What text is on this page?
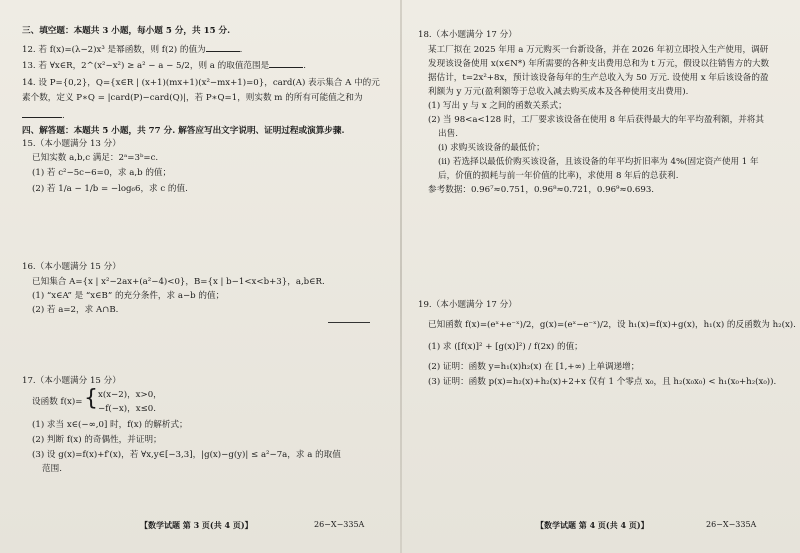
三、填空题：本题共 3 小题，每小题 5 分，共 15 分.
12. 若 f(x)=(λ−2)x³ 是幂函数，则 f(2) 的值为	.
13. 若 ∀x∈R，2^(x²−x²) ≥ a² − a − 5/2，则 a 的取值范围是	.
14. 设 P={0,2}，Q={x∈R | (x+1)(mx+1)(x²−mx+1)=0}，card(A) 表示集合 A 中的元
素个数，定义 P∗Q = |card(P)−card(Q)|，若 P∗Q=1，则实数 m 的所有可能值之和为
.
四、解答题：本题共 5 小题，共 77 分. 解答应写出文字说明、证明过程或演算步骤.
15.（本小题满分 13 分）
已知实数 a,b,c 满足：2ᵃ=3ᵇ=c.
(1) 若 c²−5c−6=0，求 a,b 的值；
(2) 若 1/a − 1/b = −log₆6，求 c 的值.
16.（本小题满分 15 分）
已知集合 A={x | x²−2ax+(a²−4)<0}，B={x | b−1<x<b+3}，a,b∈R.
(1) “x∈A” 是 “x∈B” 的充分条件，求 a−b 的值；
(2) 若 a=2，求 A∩B.
17.（本小题满分 15 分）
设函数 f(x)= { x(x−2)，x>0，
−f(−x)，x≤0.
(1) 求当 x∈(−∞,0] 时，f(x) 的解析式；
(2) 判断 f(x) 的奇偶性，并证明；
(3) 设 g(x)=f(x)+f′(x)，若 ∀x,y∈[−3,3]，|g(x)−g(y)| ≤ a²−7a，求 a 的取值
范围.
【数学试题 第 3 页(共 4 页)】	26−X−335A
18.（本小题满分 17 分）
某工厂拟在 2025 年用 a 万元购买一台新设备，并在 2026 年初立即投入生产使用，调研
发现该设备使用 x(x∈N*) 年所需要的各种支出费用总和为 t 万元，假设以往销售方的大数
据估计，t=2x²+8x，预计该设备每年的生产总收入为 50 万元. 设使用 x 年后该设备的盈
利额为 y 万元(盈利额等于总收入减去购买成本及各种使用支出费用).
(1) 写出 y 与 x 之间的函数关系式；
(2) 当 98<a<128 时，工厂要求该设备在使用 8 年后获得最大的年平均盈利额，并将其
出售.
(ⅰ) 求购买该设备的最低价；
(ⅱ) 若选择以最低价购买该设备，且该设备的年平均折旧率为 4%(固定资产使用 1 年
后，价值的损耗与前一年价值的比率)，求使用 8 年后的总获利.
参考数据：0.96⁷≈0.751，0.96⁸≈0.721，0.96⁹≈0.693.
19.（本小题满分 17 分）
已知函数 f(x)=(eˣ+e⁻ˣ)/2，g(x)=(eˣ−e⁻ˣ)/2，设 h₁(x)=f(x)+g(x)，h₁(x) 的反函数为 h₂(x).
(1) 求 ([f(x)]² + [g(x)]²) / f(2x) 的值；
(2) 证明：函数 y=h₁(x)h₂(x) 在 [1,+∞) 上单调递增；
(3) 证明：函数 p(x)=h₂(x)+h₂(x)+2+x 仅有 1 个零点 x₀，且 h₂(x₀x₀) < h₁(x₀+h₂(x₀)).
【数学试题 第 4 页(共 4 页)】	26−X−335A
